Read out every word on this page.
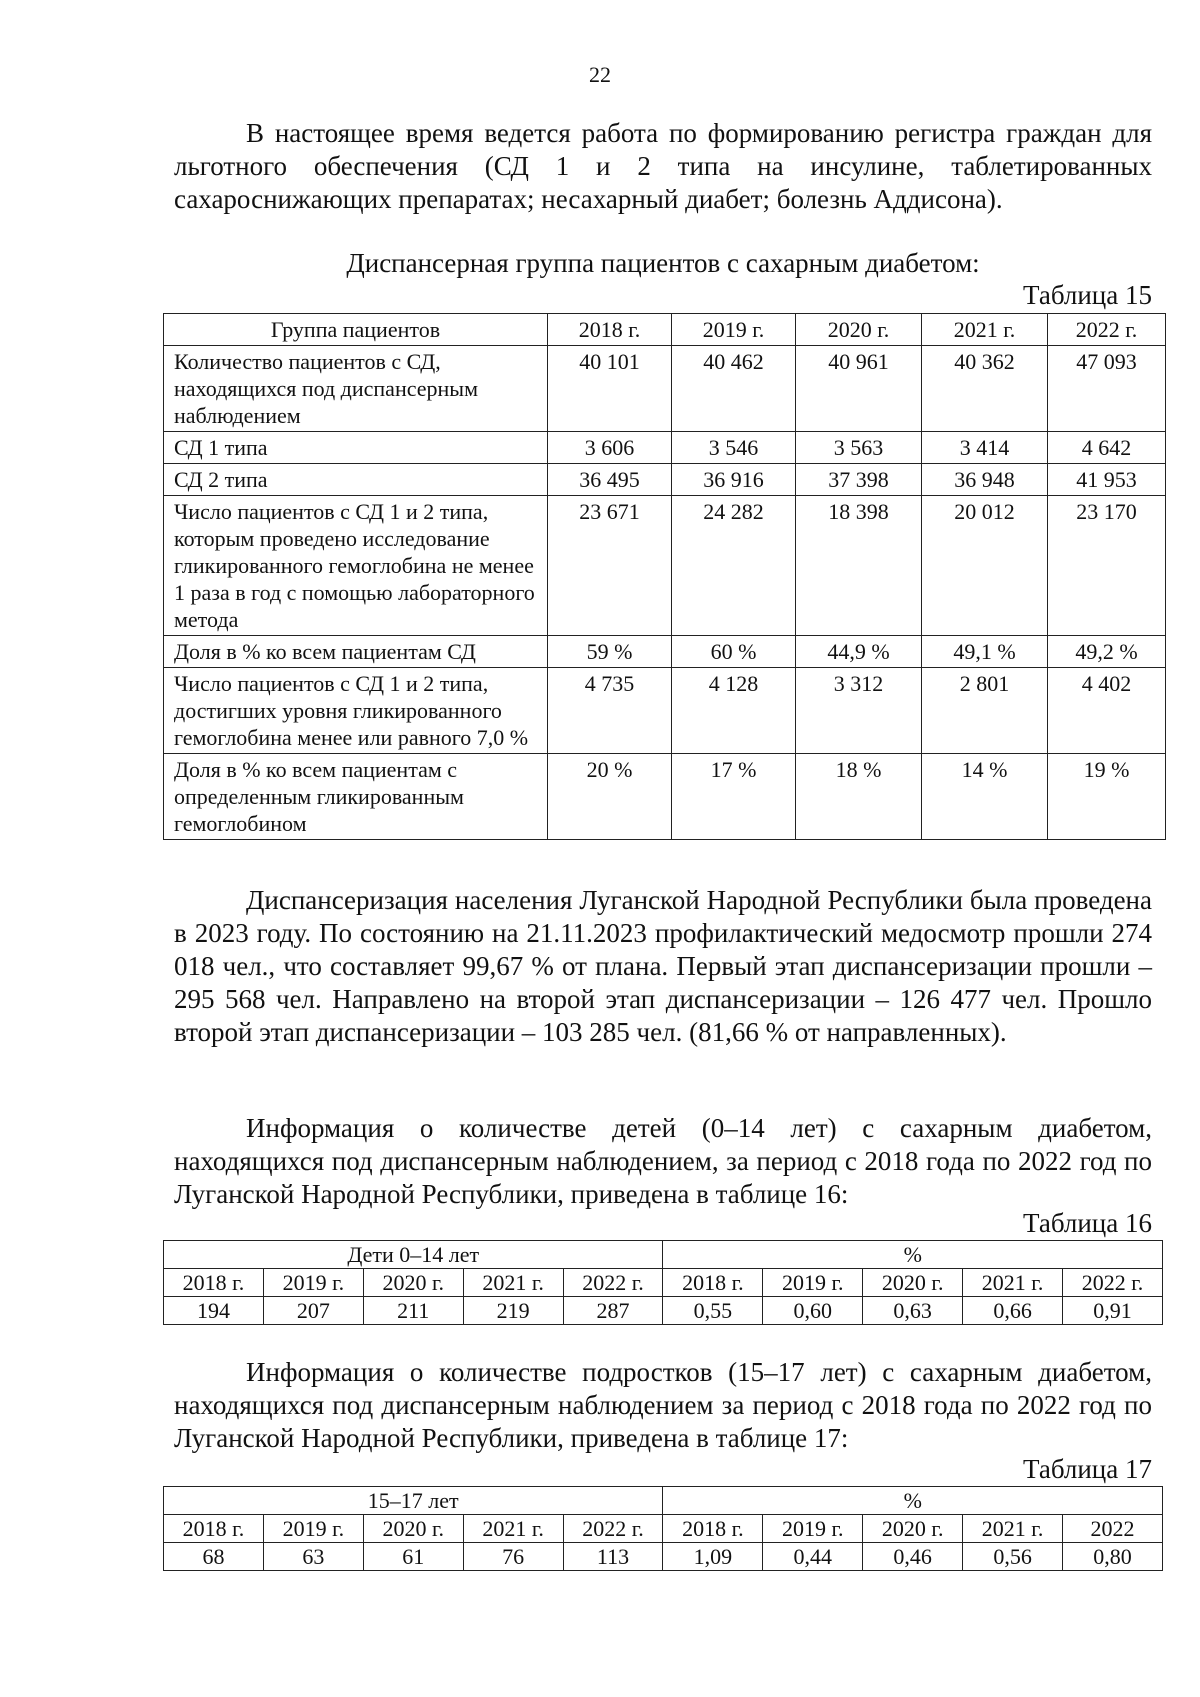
22

В настоящее время ведется работа по формированию регистра граждан для льготного обеспечения (СД 1 и 2 типа на инсулине, таблетированных сахароснижающих препаратах; несахарный диабет; болезнь Аддисона).

Диспансерная группа пациентов с сахарным диабетом:

Таблица 15

Группа пациентов	2018 г.	2019 г.	2020 г.	2021 г.	2022 г.
Количество пациентов с СД, находящихся под диспансерным наблюдением	40 101	40 462	40 961	40 362	47 093
СД 1 типа	3 606	3 546	3 563	3 414	4 642
СД 2 типа	36 495	36 916	37 398	36 948	41 953
Число пациентов с СД 1 и 2 типа, которым проведено исследование гликированного гемоглобина не менее 1 раза в год с помощью лабораторного метода	23 671	24 282	18 398	20 012	23 170
Доля в % ко всем пациентам СД	59 %	60 %	44,9 %	49,1 %	49,2 %
Число пациентов с СД 1 и 2 типа, достигших уровня гликированного гемоглобина менее или равного 7,0 %	4 735	4 128	3 312	2 801	4 402
Доля в % ко всем пациентам с определенным гликированным гемоглобином	20 %	17 %	18 %	14 %	19 %

Диспансеризация населения Луганской Народной Республики была проведена в 2023 году. По состоянию на 21.11.2023 профилактический медосмотр прошли 274 018 чел., что составляет 99,67 % от плана. Первый этап диспансеризации прошли – 295 568 чел. Направлено на второй этап диспансеризации – 126 477 чел. Прошло второй этап диспансеризации – 103 285 чел. (81,66 % от направленных).

Информация о количестве детей (0–14 лет) с сахарным диабетом, находящихся под диспансерным наблюдением, за период с 2018 года по 2022 год по Луганской Народной Республики, приведена в таблице 16:

Таблица 16

Дети 0–14 лет					%				
2018 г.	2019 г.	2020 г.	2021 г.	2022 г.	2018 г.	2019 г.	2020 г.	2021 г.	2022 г.
194	207	211	219	287	0,55	0,60	0,63	0,66	0,91

Информация о количестве подростков (15–17 лет) с сахарным диабетом, находящихся под диспансерным наблюдением за период с 2018 года по 2022 год по Луганской Народной Республики, приведена в таблице 17:

Таблица 17

15–17 лет					%				
2018 г.	2019 г.	2020 г.	2021 г.	2022 г.	2018 г.	2019 г.	2020 г.	2021 г.	2022
68	63	61	76	113	1,09	0,44	0,46	0,56	0,80
